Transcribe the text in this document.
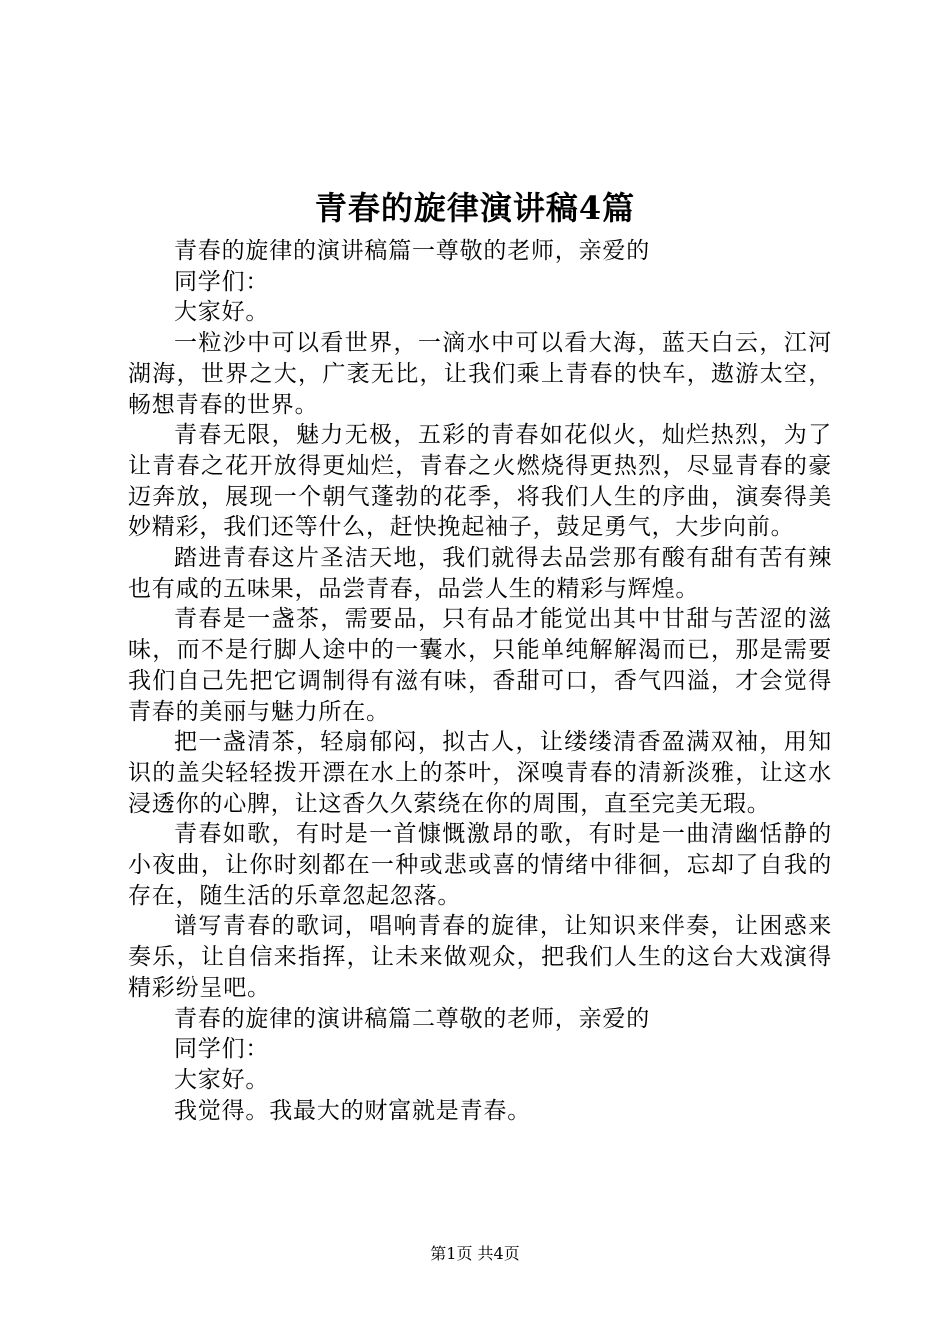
青春的旋律演讲稿4篇

青春的旋律的演讲稿篇一尊敬的老师，亲爱的

同学们：

大家好。

一粒沙中可以看世界，一滴水中可以看大海，蓝天白云，江河湖海，世界之大，广袤无比，让我们乘上青春的快车，遨游太空，畅想青春的世界。

青春无限，魅力无极，五彩的青春如花似火，灿烂热烈，为了让青春之花开放得更灿烂，青春之火燃烧得更热烈，尽显青春的豪迈奔放，展现一个朝气蓬勃的花季，将我们人生的序曲，演奏得美妙精彩，我们还等什么，赶快挽起袖子，鼓足勇气，大步向前。

踏进青春这片圣洁天地，我们就得去品尝那有酸有甜有苦有辣也有咸的五味果，品尝青春，品尝人生的精彩与辉煌。

青春是一盏茶，需要品，只有品才能觉出其中甘甜与苦涩的滋味，而不是行脚人途中的一囊水，只能单纯解解渴而已，那是需要我们自己先把它调制得有滋有味，香甜可口，香气四溢，才会觉得青春的美丽与魅力所在。

把一盏清茶，轻扇郁闷，拟古人，让缕缕清香盈满双袖，用知识的盖尖轻轻拨开漂在水上的茶叶，深嗅青春的清新淡雅，让这水浸透你的心脾，让这香久久萦绕在你的周围，直至完美无瑕。

青春如歌，有时是一首慷慨激昂的歌，有时是一曲清幽恬静的小夜曲，让你时刻都在一种或悲或喜的情绪中徘徊，忘却了自我的存在，随生活的乐章忽起忽落。

谱写青春的歌词，唱响青春的旋律，让知识来伴奏，让困惑来奏乐，让自信来指挥，让未来做观众，把我们人生的这台大戏演得精彩纷呈吧。

青春的旋律的演讲稿篇二尊敬的老师，亲爱的

同学们：

大家好。

我觉得。我最大的财富就是青春。

第1页 共4页
